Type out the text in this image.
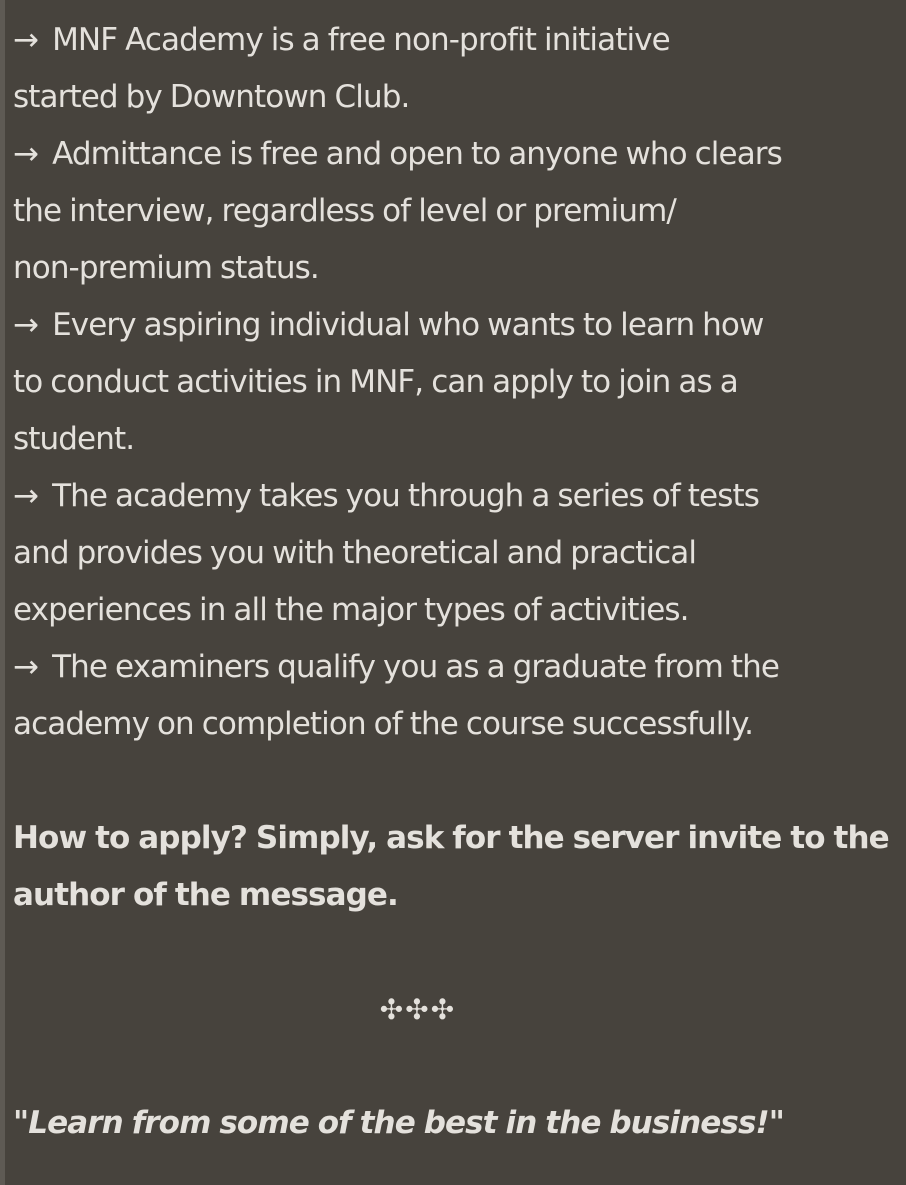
→ MNF Academy is a free non-profit initiative
started by Downtown Club.
→ Admittance is free and open to anyone who clears
the interview, regardless of level or premium/
non-premium status.
→ Every aspiring individual who wants to learn how
to conduct activities in MNF, can apply to join as a
student.
→ The academy takes you through a series of tests
and provides you with theoretical and practical
experiences in all the major types of activities.
→ The examiners qualify you as a graduate from the
academy on completion of the course successfully.
How to apply? Simply, ask for the server invite to the
author of the message.
✣✣✣
"Learn from some of the best in the business!"
